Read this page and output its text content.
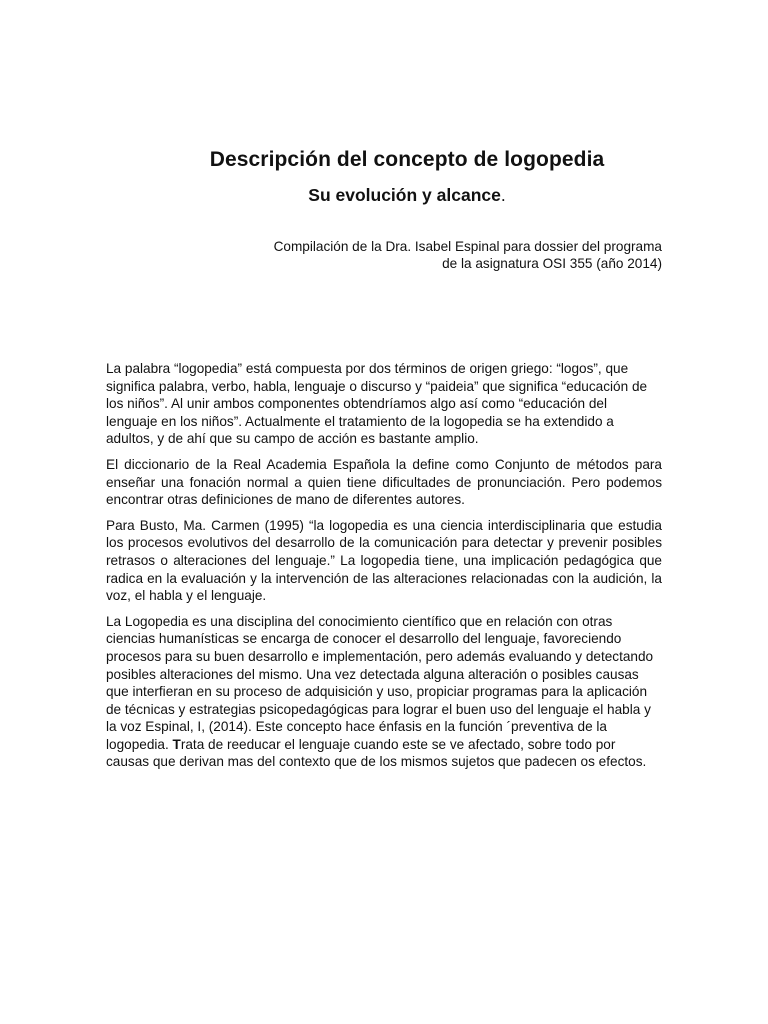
Descripción del concepto de logopedia
Su evolución y alcance.
Compilación de la Dra. Isabel Espinal para dossier del programa
de la asignatura OSI 355 (año 2014)

La palabra “logopedia” está compuesta por dos términos de origen griego: “logos”, que significa palabra, verbo, habla, lenguaje o discurso y “paideia” que significa “educación de los niños”. Al unir ambos componentes obtendríamos algo así como “educación del lenguaje en los niños”. Actualmente el tratamiento de la logopedia se ha extendido a adultos, y de ahí que su campo de acción es bastante amplio.

El diccionario de la Real Academia Española la define como Conjunto de métodos para enseñar una fonación normal a quien tiene dificultades de pronunciación. Pero podemos encontrar otras definiciones de mano de diferentes autores.

Para Busto, Ma. Carmen (1995) “la logopedia es una ciencia interdisciplinaria que estudia los procesos evolutivos del desarrollo de la comunicación para detectar y prevenir posibles retrasos o alteraciones del lenguaje.” La logopedia tiene, una implicación pedagógica que radica en la evaluación y la intervención de las alteraciones relacionadas con la audición, la voz, el habla y el lenguaje.

La Logopedia es una disciplina del conocimiento científico que en relación con otras ciencias humanísticas se encarga de conocer el desarrollo del lenguaje, favoreciendo procesos para su buen desarrollo e implementación, pero además evaluando y detectando posibles alteraciones del mismo. Una vez detectada alguna alteración o posibles causas que interfieran en su proceso de adquisición y uso, propiciar programas para la aplicación de técnicas y estrategias psicopedagógicas para lograr el buen uso del lenguaje el habla y la voz Espinal, I, (2014). Este concepto hace énfasis en la función ´preventiva de la logopedia. Trata de reeducar el lenguaje cuando este se ve afectado, sobre todo por causas que derivan mas del contexto que de los mismos sujetos que padecen os efectos.
